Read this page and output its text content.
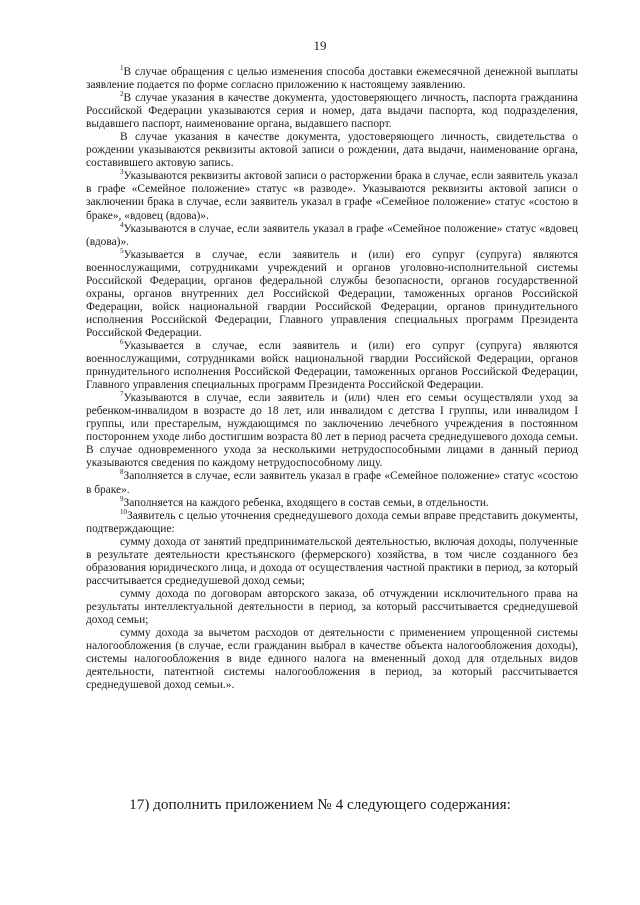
19

$^1$В случае обращения с целью изменения способа доставки ежемесячной денежной выплаты заявление подается по форме согласно приложению к настоящему заявлению.

$^2$В случае указания в качестве документа, удостоверяющего личность, паспорта гражданина Российской Федерации указываются серия и номер, дата выдачи паспорта, код подразделения, выдавшего паспорт, наименование органа, выдавшего паспорт.

В случае указания в качестве документа, удостоверяющего личность, свидетельства о рождении указываются реквизиты актовой записи о рождении, дата выдачи, наименование органа, составившего актовую запись.

$^3$Указываются реквизиты актовой записи о расторжении брака в случае, если заявитель указал в графе «Семейное положение» статус «в разводе». Указываются реквизиты актовой записи о заключении брака в случае, если заявитель указал в графе «Семейное положение» статус «состою в браке», «вдовец (вдова)».

$^4$Указываются в случае, если заявитель указал в графе «Семейное положение» статус «вдовец (вдова)».

$^5$Указывается в случае, если заявитель и (или) его супруг (супруга) являются военнослужащими, сотрудниками учреждений и органов уголовно-исполнительной системы Российской Федерации, органов федеральной службы безопасности, органов государственной охраны, органов внутренних дел Российской Федерации, таможенных органов Российской Федерации, войск национальной гвардии Российской Федерации, органов принудительного исполнения Российской Федерации, Главного управления специальных программ Президента Российской Федерации.

$^6$Указывается в случае, если заявитель и (или) его супруг (супруга) являются военнослужащими, сотрудниками войск национальной гвардии Российской Федерации, органов принудительного исполнения Российской Федерации, таможенных органов Российской Федерации, Главного управления специальных программ Президента Российской Федерации.

$^7$Указываются в случае, если заявитель и (или) член его семьи осуществляли уход за ребенком-инвалидом в возрасте до 18 лет, или инвалидом с детства I группы, или инвалидом I группы, или престарелым, нуждающимся по заключению лечебного учреждения в постоянном постороннем уходе либо достигшим возраста 80 лет в период расчета среднедушевого дохода семьи. В случае одновременного ухода за несколькими нетрудоспособными лицами в данный период указываются сведения по каждому нетрудоспособному лицу.

$^8$Заполняется в случае, если заявитель указал в графе «Семейное положение» статус «состою в браке».

$^9$Заполняется на каждого ребенка, входящего в состав семьи, в отдельности.

$^{10}$Заявитель с целью уточнения среднедушевого дохода семьи вправе представить документы, подтверждающие:

сумму дохода от занятий предпринимательской деятельностью, включая доходы, полученные в результате деятельности крестьянского (фермерского) хозяйства, в том числе созданного без образования юридического лица, и дохода от осуществления частной практики в период, за который рассчитывается среднедушевой доход семьи;

сумму дохода по договорам авторского заказа, об отчуждении исключительного права на результаты интеллектуальной деятельности в период, за который рассчитывается среднедушевой доход семьи;

сумму дохода за вычетом расходов от деятельности с применением упрощенной системы налогообложения (в случае, если гражданин выбрал в качестве объекта налогообложения доходы), системы налогообложения в виде единого налога на вмененный доход для отдельных видов деятельности, патентной системы налогообложения в период, за который рассчитывается среднедушевой доход семьи.».

17) дополнить приложением № 4 следующего содержания:
